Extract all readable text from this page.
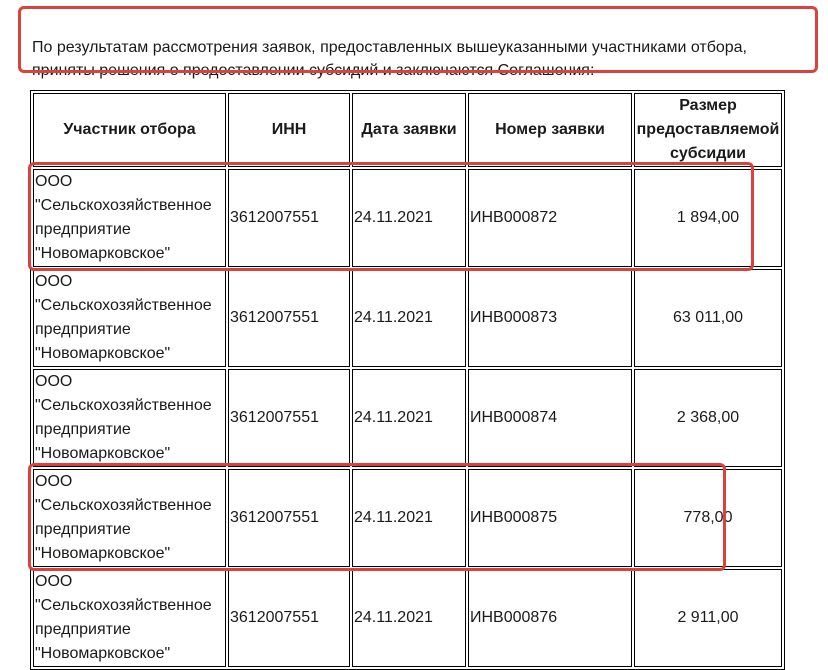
По результатам рассмотрения заявок, предоставленных вышеуказанными участниками отбора, приняты решения о предоставлении субсидий и заключаются Соглашения:

Участник отбора	ИНН	Дата заявки	Номер заявки	Размер предоставляемой субсидии
ООО "Сельскохозяйственное предприятие "Новомарковское"	3612007551	24.11.2021	ИНВ000872	1 894,00
ООО "Сельскохозяйственное предприятие "Новомарковское"	3612007551	24.11.2021	ИНВ000873	63 011,00
ООО "Сельскохозяйственное предприятие "Новомарковское"	3612007551	24.11.2021	ИНВ000874	2 368,00
ООО "Сельскохозяйственное предприятие "Новомарковское"	3612007551	24.11.2021	ИНВ000875	778,00
ООО "Сельскохозяйственное предприятие "Новомарковское"	3612007551	24.11.2021	ИНВ000876	2 911,00
